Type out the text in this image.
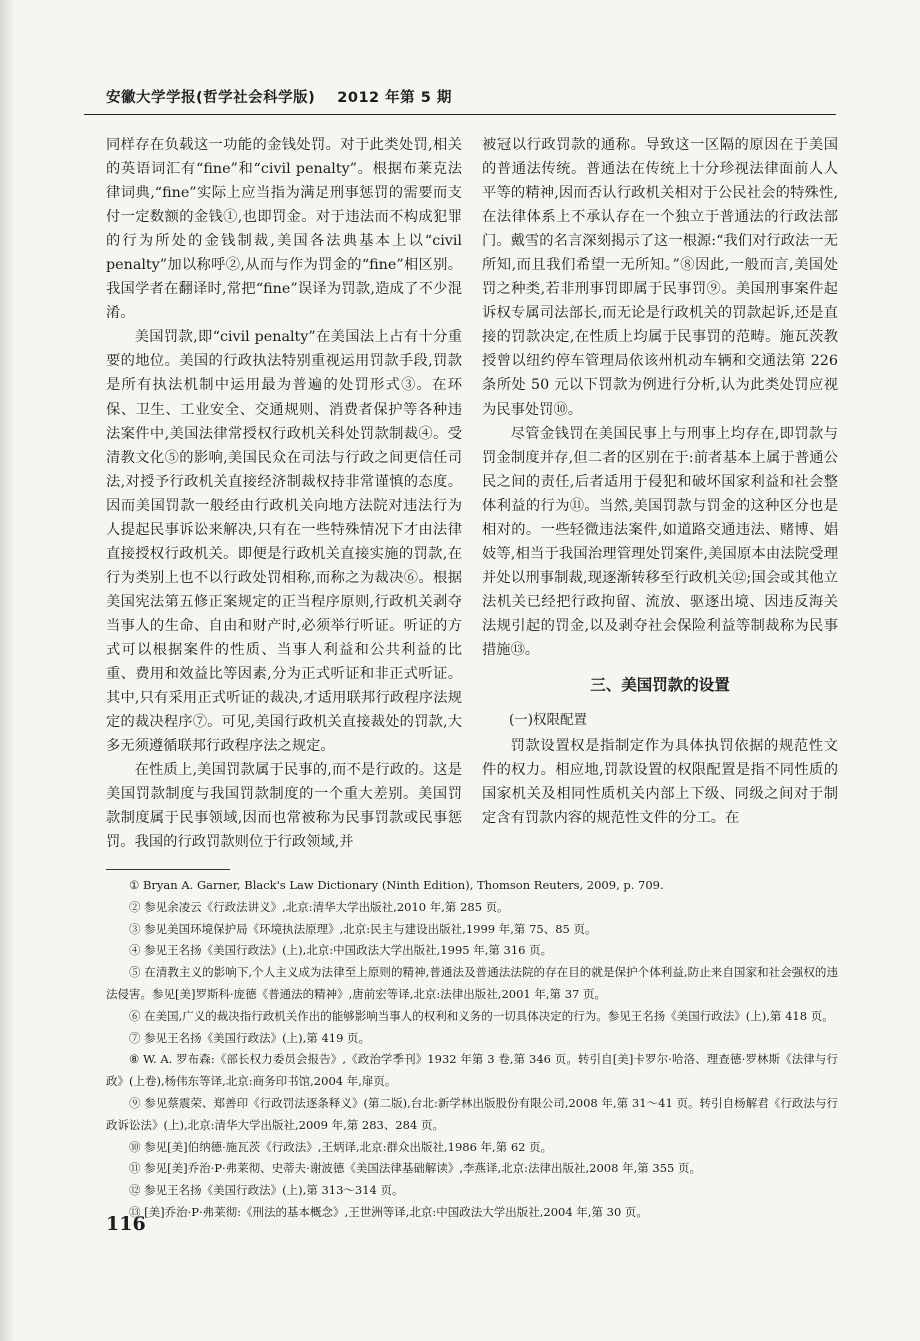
安徽大学学报(哲学社会科学版) 2012 年第 5 期

同样存在负载这一功能的金钱处罚。对于此类处罚,相关的英语词汇有“fine”和“civil penalty”。根据布莱克法律词典,“fine”实际上应当指为满足刑事惩罚的需要而支付一定数额的金钱①,也即罚金。对于违法而不构成犯罪的行为所处的金钱制裁,美国各法典基本上以“civil penalty”加以称呼②,从而与作为罚金的“fine”相区别。我国学者在翻译时,常把“fine”误译为罚款,造成了不少混淆。

美国罚款,即“civil penalty”在美国法上占有十分重要的地位。美国的行政执法特别重视运用罚款手段,罚款是所有执法机制中运用最为普遍的处罚形式③。在环保、卫生、工业安全、交通规则、消费者保护等各种违法案件中,美国法律常授权行政机关科处罚款制裁④。受清教文化⑤的影响,美国民众在司法与行政之间更信任司法,对授予行政机关直接经济制裁权持非常谨慎的态度。因而美国罚款一般经由行政机关向地方法院对违法行为人提起民事诉讼来解决,只有在一些特殊情况下才由法律直接授权行政机关。即便是行政机关直接实施的罚款,在行为类别上也不以行政处罚相称,而称之为裁决⑥。根据美国宪法第五修正案规定的正当程序原则,行政机关剥夺当事人的生命、自由和财产时,必须举行听证。听证的方式可以根据案件的性质、当事人利益和公共利益的比重、费用和效益比等因素,分为正式听证和非正式听证。其中,只有采用正式听证的裁决,才适用联邦行政程序法规定的裁决程序⑦。可见,美国行政机关直接裁处的罚款,大多无须遵循联邦行政程序法之规定。

在性质上,美国罚款属于民事的,而不是行政的。这是美国罚款制度与我国罚款制度的一个重大差别。美国罚款制度属于民事领域,因而也常被称为民事罚款或民事惩罚。我国的行政罚款则位于行政领域,并

被冠以行政罚款的通称。导致这一区隔的原因在于美国的普通法传统。普通法在传统上十分珍视法律面前人人平等的精神,因而否认行政机关相对于公民社会的特殊性,在法律体系上不承认存在一个独立于普通法的行政法部门。戴雪的名言深刻揭示了这一根源:“我们对行政法一无所知,而且我们希望一无所知。”⑧因此,一般而言,美国处罚之种类,若非刑事罚即属于民事罚⑨。美国刑事案件起诉权专属司法部长,而无论是行政机关的罚款起诉,还是直接的罚款决定,在性质上均属于民事罚的范畴。施瓦茨教授曾以纽约停车管理局依该州机动车辆和交通法第 226 条所处 50 元以下罚款为例进行分析,认为此类处罚应视为民事处罚⑩。

尽管金钱罚在美国民事上与刑事上均存在,即罚款与罚金制度并存,但二者的区别在于:前者基本上属于普通公民之间的责任,后者适用于侵犯和破坏国家利益和社会整体利益的行为⑪。当然,美国罚款与罚金的这种区分也是相对的。一些轻微违法案件,如道路交通违法、赌博、娼妓等,相当于我国治理管理处罚案件,美国原本由法院受理并处以刑事制裁,现逐渐转移至行政机关⑫;国会或其他立法机关已经把行政拘留、流放、驱逐出境、因违反海关法规引起的罚金,以及剥夺社会保险利益等制裁称为民事措施⑬。

三、美国罚款的设置

(一)权限配置

罚款设置权是指制定作为具体执罚依据的规范性文件的权力。相应地,罚款设置的权限配置是指不同性质的国家机关及相同性质机关内部上下级、同级之间对于制定含有罚款内容的规范性文件的分工。在

① Bryan A. Garner, Black's Law Dictionary (Ninth Edition), Thomson Reuters, 2009, p. 709.

② 参见余凌云《行政法讲义》,北京:清华大学出版社,2010 年,第 285 页。

③ 参见美国环境保护局《环境执法原理》,北京:民主与建设出版社,1999 年,第 75、85 页。

④ 参见王名扬《美国行政法》(上),北京:中国政法大学出版社,1995 年,第 316 页。

⑤ 在清教主义的影响下,个人主义成为法律至上原则的精神,普通法及普通法法院的存在目的就是保护个体利益,防止来自国家和社会强权的违法侵害。参见[美]罗斯科·庞德《普通法的精神》,唐前宏等译,北京:法律出版社,2001 年,第 37 页。

⑥ 在美国,广义的裁决指行政机关作出的能够影响当事人的权利和义务的一切具体决定的行为。参见王名扬《美国行政法》(上),第 418 页。

⑦ 参见王名扬《美国行政法》(上),第 419 页。

⑧ W. A. 罗布森:《部长权力委员会报告》,《政治学季刊》1932 年第 3 卷,第 346 页。转引自[美]卡罗尔·哈洛、理查德·罗林斯《法律与行政》(上卷),杨伟东等译,北京:商务印书馆,2004 年,扉页。

⑨ 参见蔡震荣、郑善印《行政罚法逐条释义》(第二版),台北:新学林出版股份有限公司,2008 年,第 31～41 页。转引自杨解君《行政法与行政诉讼法》(上),北京:清华大学出版社,2009 年,第 283、284 页。

⑩ 参见[美]伯纳德·施瓦茨《行政法》,王炳译,北京:群众出版社,1986 年,第 62 页。

⑪ 参见[美]乔治·P·弗莱彻、史蒂夫·谢波德《美国法律基础解读》,李燕译,北京:法律出版社,2008 年,第 355 页。

⑫ 参见王名扬《美国行政法》(上),第 313～314 页。

⑬ [美]乔治·P·弗莱彻:《刑法的基本概念》,王世洲等译,北京:中国政法大学出版社,2004 年,第 30 页。

116
